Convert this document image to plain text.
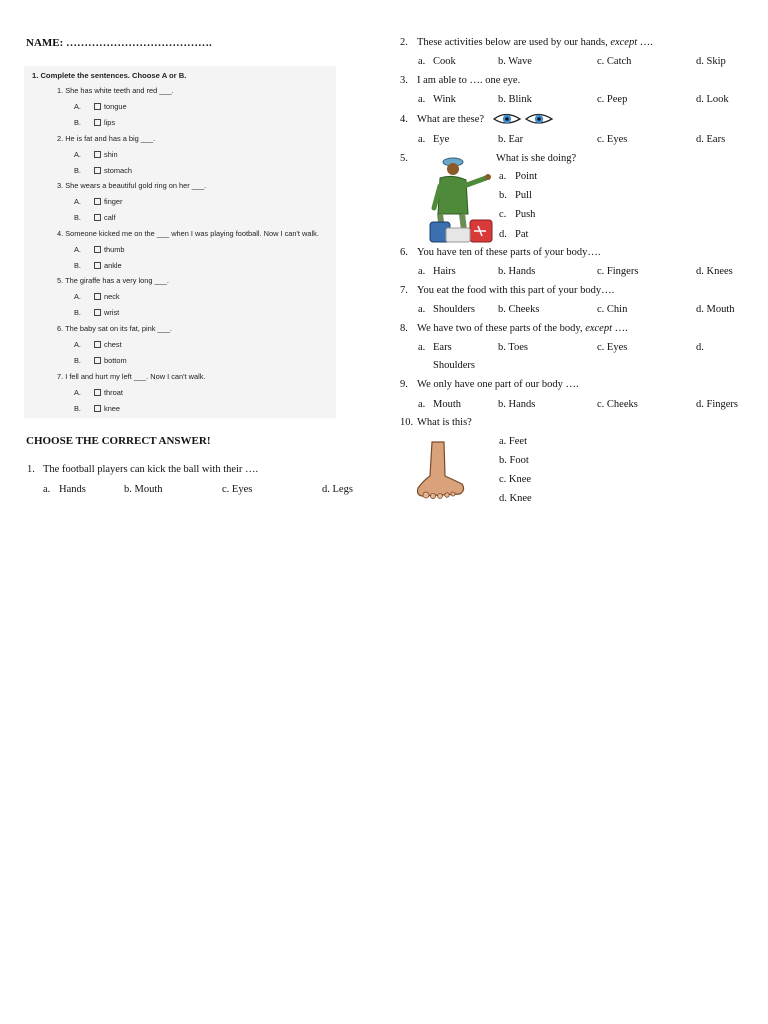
NAME: ………………………………….
1. Complete the sentences. Choose A or B.
1. She has white teeth and red ___.
A.	tongue
B.	lips
2. He is fat and has a big ___.
A.	shin
B.	stomach
3. She wears a beautiful gold ring on her ___.
A.	finger
B.	calf
4. Someone kicked me on the ___ when I was playing football. Now I can't walk.
A.	thumb
B.	ankle
5. The giraffe has a very long ___.
A.	neck
B.	wrist
6. The baby sat on its fat, pink ___.
A.	chest
B.	bottom
7. I fell and hurt my left ___. Now I can't walk.
A.	throat
B.	knee
CHOOSE THE CORRECT ANSWER!
1. The football players can kick the ball with their ….
a. Hands	b. Mouth	c. Eyes	d. Legs
2. These activities below are used by our hands, except ….
a. Cook	b. Wave	c. Catch	d. Skip
3. I am able to …. one eye.
a. Wink	b. Blink	c. Peep	d. Look
4. What are these?
a. Eye	b. Ear	c. Eyes	d. Ears
5.	What is she doing?
a. Point
b. Pull
c. Push
d. Pat
6. You have ten of these parts of your body….
a. Hairs	b. Hands	c. Fingers	d. Knees
7. You eat the food with this part of your body….
a. Shoulders b. Cheeks	c. Chin	d. Mouth
8. We have two of these parts of the body, except ….
a. Ears	b. Toes	c. Eyes	d.
Shoulders
9. We only have one part of our body ….
a. Mouth	b. Hands	c. Cheeks	d. Fingers
10. What is this?
a. Feet
b. Foot
c. Knee
d. Knee
